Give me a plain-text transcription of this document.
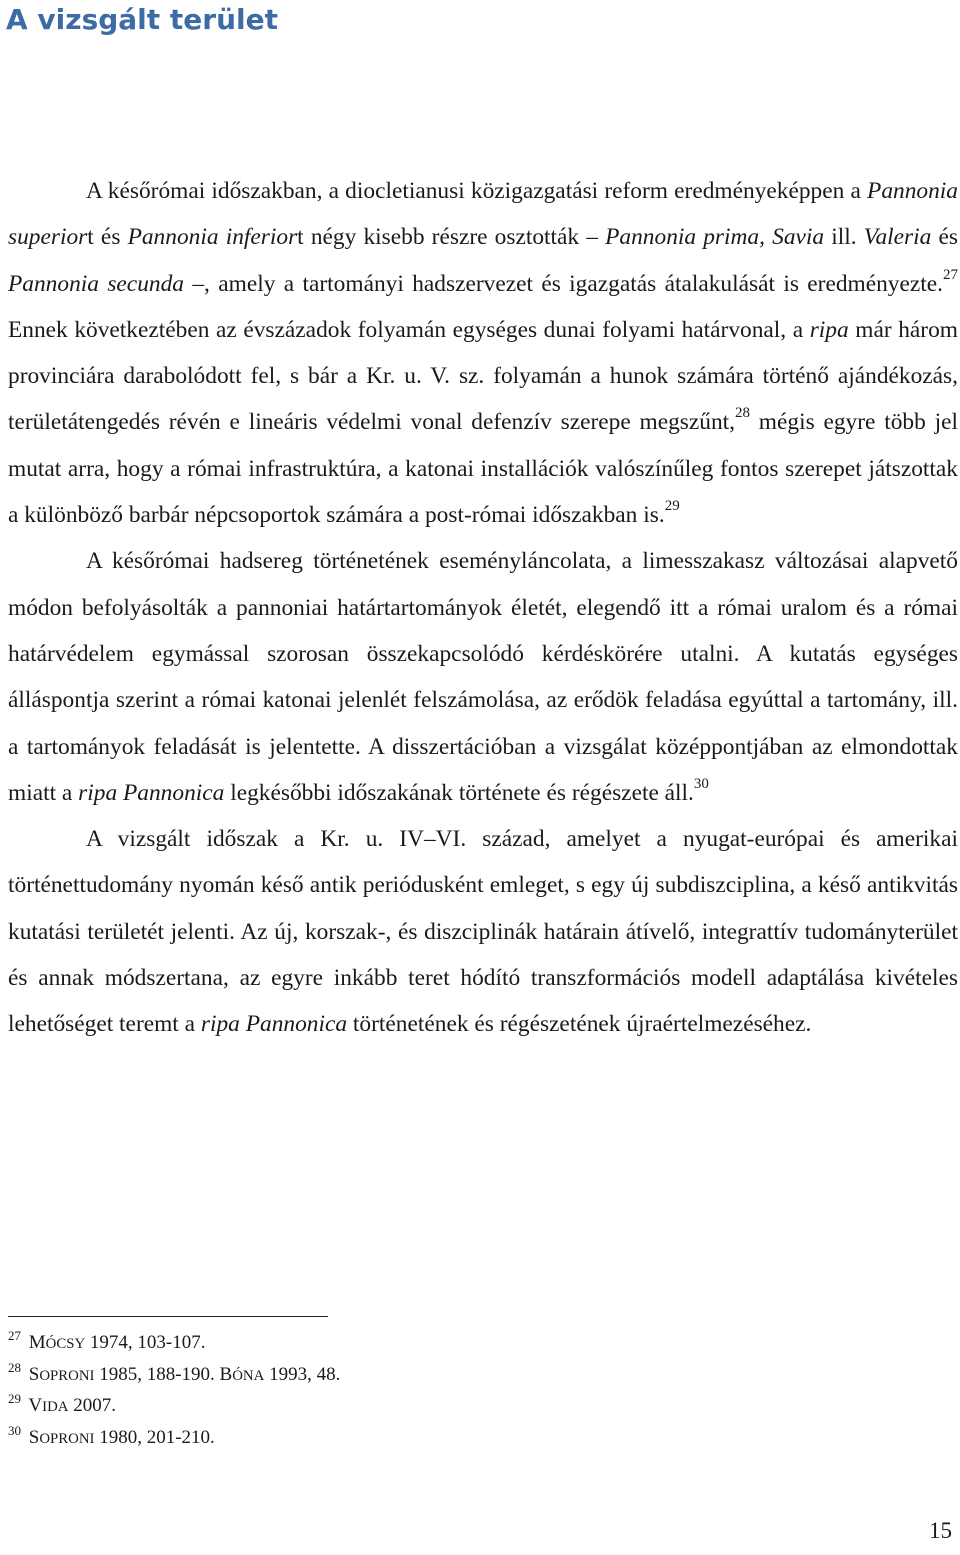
A vizsgált terület

A későrómai időszakban, a diocletianusi közigazgatási reform eredményeképpen a Pannonia superiort és Pannonia inferiort négy kisebb részre osztották – Pannonia prima, Savia ill. Valeria és Pannonia secunda –, amely a tartományi hadszervezet és igazgatás átalakulását is eredményezte.$^{27}$ Ennek következtében az évszázadok folyamán egységes dunai folyami határvonal, a ripa már három provinciára darabolódott fel, s bár a Kr. u. V. sz. folyamán a hunok számára történő ajándékozás, területátengedés révén e lineáris védelmi vonal defenzív szerepe megszűnt,$^{28}$ mégis egyre több jel mutat arra, hogy a római infrastruktúra, a katonai installációk valószínűleg fontos szerepet játszottak a különböző barbár népcsoportok számára a post-római időszakban is.$^{29}$

A későrómai hadsereg történetének eseményláncolata, a limesszakasz változásai alapvető módon befolyásolták a pannoniai határtartományok életét, elegendő itt a római uralom és a római határvédelem egymással szorosan összekapcsolódó kérdéskörére utalni. A kutatás egységes álláspontja szerint a római katonai jelenlét felszámolása, az erődök feladása egyúttal a tartomány, ill. a tartományok feladását is jelentette. A disszertációban a vizsgálat középpontjában az elmondottak miatt a ripa Pannonica legkésőbbi időszakának története és régészete áll.$^{30}$

A vizsgált időszak a Kr. u. IV–VI. század, amelyet a nyugat-európai és amerikai történettudomány nyomán késő antik periódusként emleget, s egy új subdiszciplina, a késő antikvitás kutatási területét jelenti. Az új, korszak-, és diszciplinák határain átívelő, integrattív tudományterület és annak módszertana, az egyre inkább teret hódító transzformációs modell adaptálása kivételes lehetőséget teremt a ripa Pannonica történetének és régészetének újraértelmezéséhez.

$^{27}$ MÓCSY 1974, 103-107.
$^{28}$ SOPRONI 1985, 188-190. BÓNA 1993, 48.
$^{29}$ VIDA 2007.
$^{30}$ SOPRONI 1980, 201-210.
15
